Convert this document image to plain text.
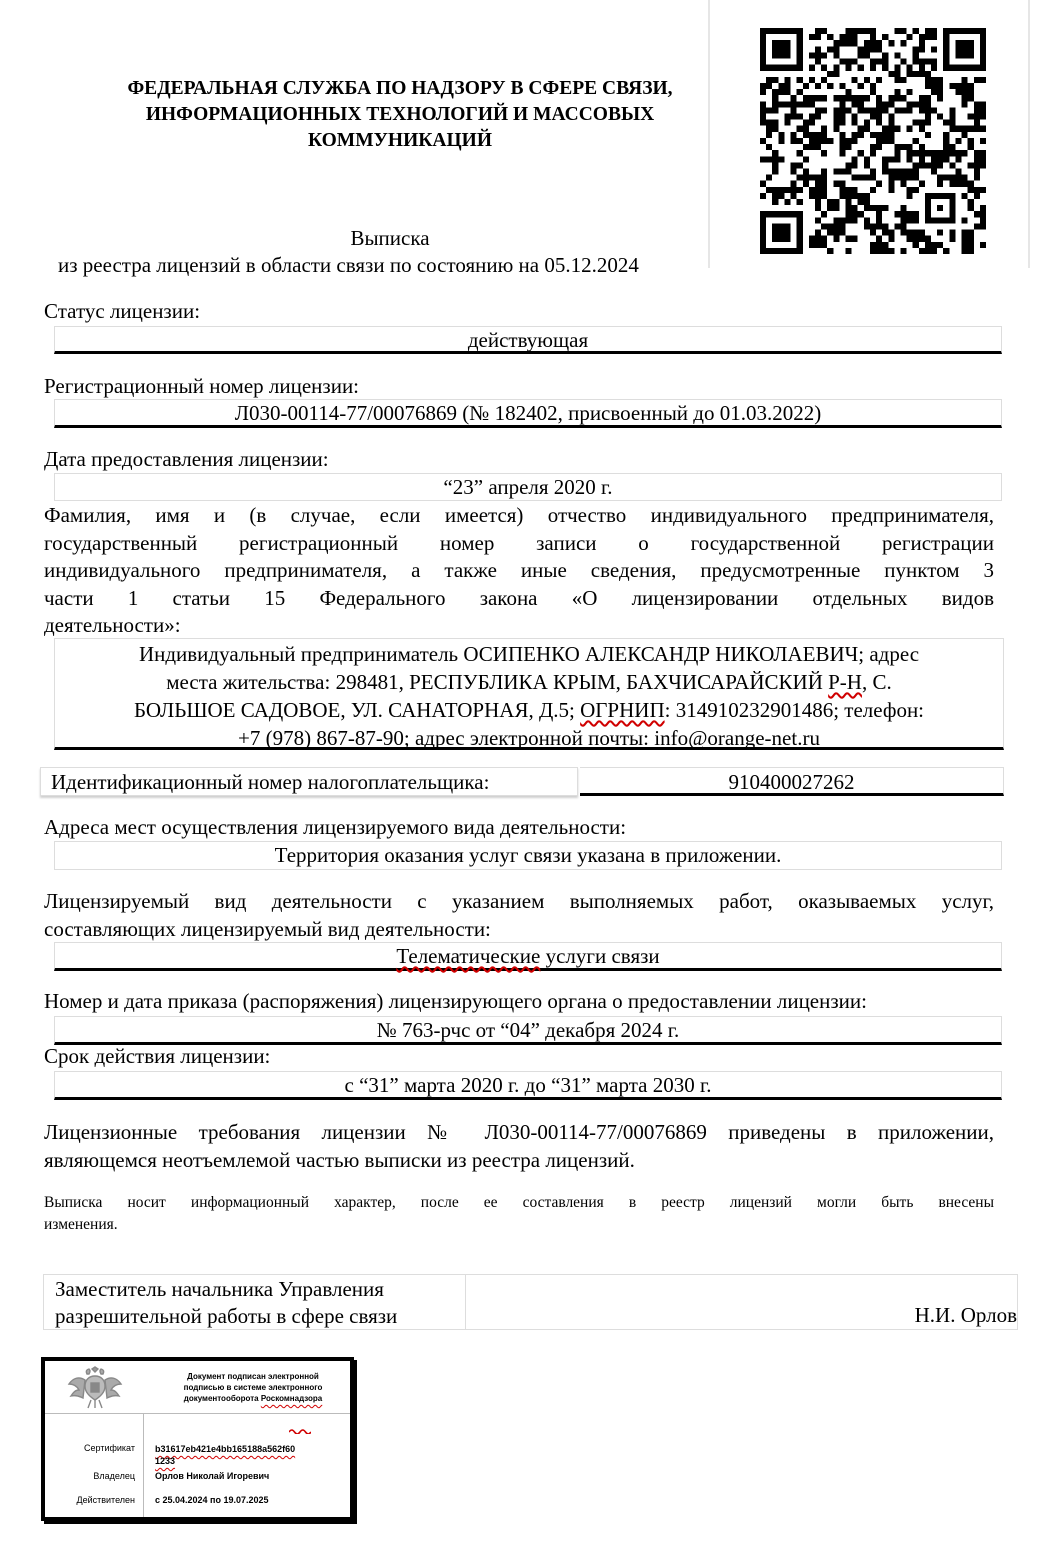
ФЕДЕРАЛЬНАЯ СЛУЖБА ПО НАДЗОРУ В СФЕРЕ СВЯЗИ,
ИНФОРМАЦИОННЫХ ТЕХНОЛОГИЙ И МАССОВЫХ
КОММУНИКАЦИЙ
Выписка
из реестра лицензий в области связи по состоянию на 05.12.2024
Статус лицензии:
действующая
Регистрационный номер лицензии:
Л030-00114-77/00076869 (№ 182402, присвоенный до 01.03.2022)
Дата предоставления лицензии:
“23” апреля 2020 г.
Фамилия, имя и (в случае, если имеется) отчество индивидуального предпринимателя,
государственный регистрационный номер записи о государственной регистрации
индивидуального предпринимателя, а также иные сведения, предусмотренные пунктом 3
части 1 статьи 15 Федерального закона «О лицензировании отдельных видов
деятельности»:
Индивидуальный предприниматель ОСИПЕНКО АЛЕКСАНДР НИКОЛАЕВИЧ; адрес
места жительства: 298481, РЕСПУБЛИКА КРЫМ, БАХЧИСАРАЙСКИЙ Р-Н, С.
БОЛЬШОЕ САДОВОЕ, УЛ. САНАТОРНАЯ, Д.5; ОГРНИП: 314910232901486; телефон:
+7 (978) 867-87-90; адрес электронной почты: info@orange-net.ru
Идентификационный номер налогоплательщика:	910400027262
Адреса мест осуществления лицензируемого вида деятельности:
Территория оказания услуг связи указана в приложении.
Лицензируемый вид деятельности с указанием выполняемых работ, оказываемых услуг,
составляющих лицензируемый вид деятельности:
Телематические услуги связи
Номер и дата приказа (распоряжения) лицензирующего органа о предоставлении лицензии:
№ 763-рчс от “04” декабря 2024 г.
Срок действия лицензии:
с “31” марта 2020 г. до “31” марта 2030 г.
Лицензионные требования лицензии № Л030-00114-77/00076869 приведены в приложении,
являющемся неотъемлемой частью выписки из реестра лицензий.
Выписка носит информационный характер, после ее составления в реестр лицензий могли быть внесены
изменения.
Заместитель начальника Управления
разрешительной работы в сфере связи	Н.И. Орлов
Документ подписан электронной
подписью в системе электронного
документооборота Роскомнадзора
Сертификат b31617eb421e4bb165188a562f60
1233
Владелец Орлов Николай Игоревич
Действителен с 25.04.2024 по 19.07.2025
